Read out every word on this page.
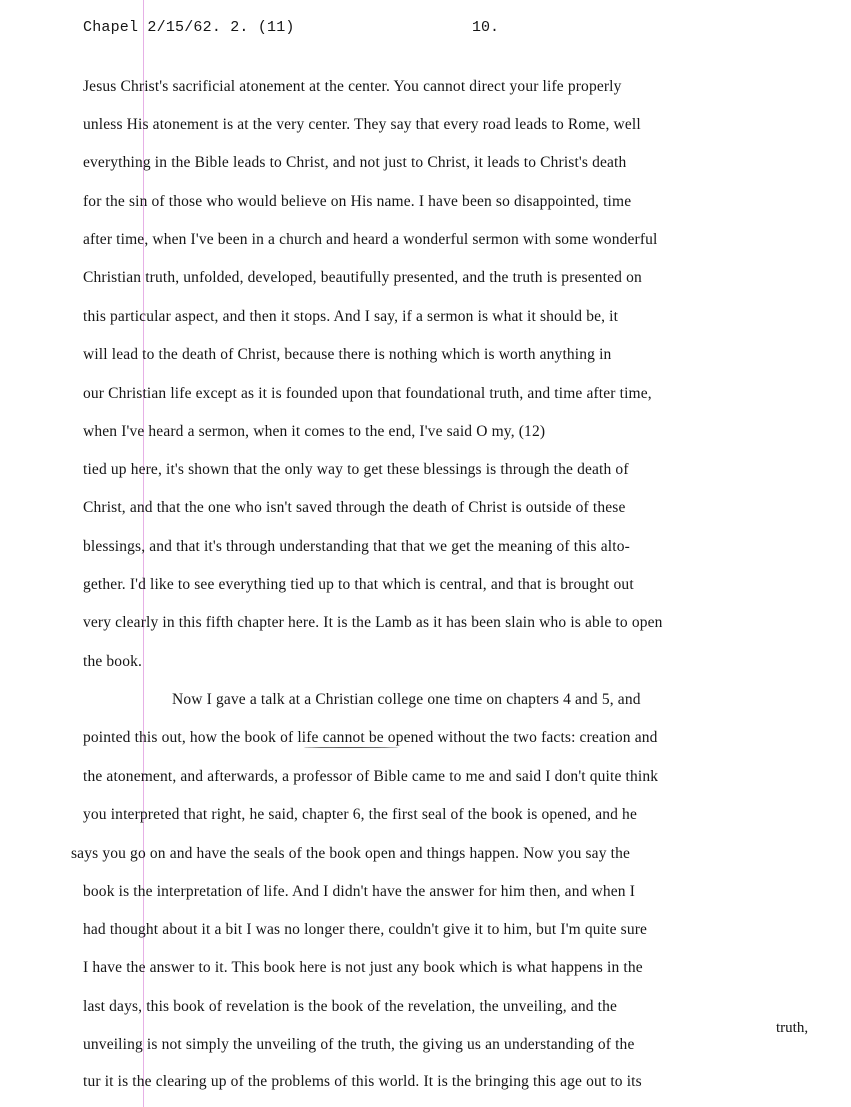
Chapel 2/15/62. 2. (11)	10.
Jesus Christ's sacrificial atonement at the center. You cannot direct your life properly
unless His atonement is at the very center. They say that every road leads to Rome, well
everything in the Bible leads to Christ, and not just to Christ, it leads to Christ's death
for the sin of those who would believe on His name. I have been so disappointed, time
after time, when I've been in a church and heard a wonderful sermon with some wonderful
Christian truth, unfolded, developed, beautifully presented, and the truth is presented on
this particular aspect, and then it stops. And I say, if a sermon is what it should be, it
will lead to the death of Christ, because there is nothing which is worth anything in
our Christian life except as it is founded upon that foundational truth, and time after time,
when I've heard a sermon, when it comes to the end, I've said O my, (12)
tied up here, it's shown that the only way to get these blessings is through the death of
Christ, and that the one who isn't saved through the death of Christ is outside of these
blessings, and that it's through understanding that that we get the meaning of this alto-
gether. I'd like to see everything tied up to that which is central, and that is brought out
very clearly in this fifth chapter here. It is the Lamb as it has been slain who is able to open
the book.
Now I gave a talk at a Christian college one time on chapters 4 and 5, and
pointed this out, how the book of life cannot be opened without the two facts: creation and
the atonement, and afterwards, a professor of Bible came to me and said I don't quite think
you interpreted that right, he said, chapter 6, the first seal of the book is opened, and he
says you go on and have the seals of the book open and things happen. Now you say the
book is the interpretation of life. And I didn't have the answer for him then, and when I
had thought about it a bit I was no longer there, couldn't give it to him, but I'm quite sure
I have the answer to it. This book here is not just any book which is what happens in the
last days, this book of revelation is the book of the revelation, the unveiling, and the
unveiling is not simply the unveiling of the truth, the giving us an understanding of the
tur it is the clearing up of the problems of this world. It is the bringing this age out to its
truth,
